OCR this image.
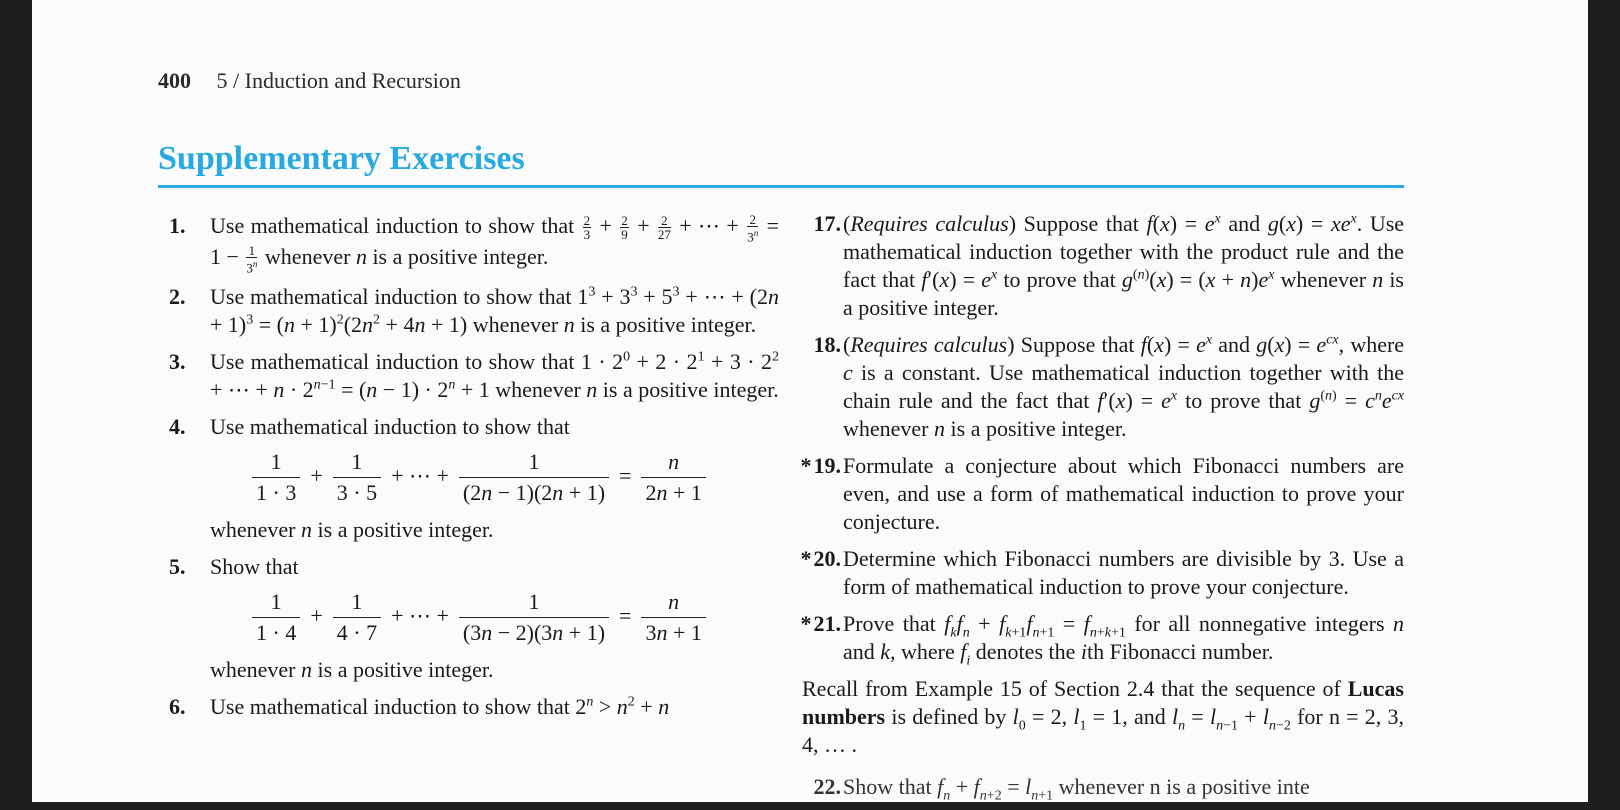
400 5 / Induction and Recursion
Supplementary Exercises
1. Use mathematical induction to show that $\frac{2}{3} + \frac{2}{9} + \frac{2}{27}$ + ⋯ + $\frac{2}{3^n} = 1 - \frac{1}{3^n}$ whenever n is a positive integer.
2. Use mathematical induction to show that $1^3 + 3^3 + 5^3$ + ⋯ + $(2n + 1)^3 = (n + 1)^2(2n^2 + 4n + 1)$ whenever n is a positive integer.
3. Use mathematical induction to show that $1 \cdot 2^0 + 2 \cdot 2^1 + 3 \cdot 2^2$ + ⋯ + $n \cdot 2^{n-1} = (n - 1) \cdot 2^n + 1$ whenever n is a positive integer.
4. Use mathematical induction to show that
$\frac{1}{1 \cdot 3} + \frac{1}{3 \cdot 5}$ + ⋯ + $\frac{1}{(2n - 1)(2n + 1)} = \frac{n}{2n + 1}$
whenever n is a positive integer.
5. Show that
$\frac{1}{1 \cdot 4} + \frac{1}{4 \cdot 7}$ + ⋯ + $\frac{1}{(3n - 2)(3n + 1)} = \frac{n}{3n + 1}$
whenever n is a positive integer.
6. Use mathematical induction to show that $2^n > n^2 + n$
17. (Requires calculus) Suppose that $f(x) = e^x$ and $g(x) = xe^x$. Use mathematical induction together with the product rule and the fact that $f'(x) = e^x$ to prove that $g^{(n)}(x) = (x + n)e^x$ whenever n is a positive integer.
18. (Requires calculus) Suppose that $f(x) = e^x$ and $g(x) = e^{cx}$, where c is a constant. Use mathematical induction together with the chain rule and the fact that $f'(x) = e^x$ to prove that $g^{(n)} = c^ne^{cx}$ whenever n is a positive integer.
*19. Formulate a conjecture about which Fibonacci numbers are even, and use a form of mathematical induction to prove your conjecture.
*20. Determine which Fibonacci numbers are divisible by 3. Use a form of mathematical induction to prove your conjecture.
*21. Prove that $f_kf_n + f_{k+1}f_{n+1} = f_{n+k+1}$ for all nonnegative integers n and k, where $f_i$ denotes the ith Fibonacci number.
Recall from Example 15 of Section 2.4 that the sequence of Lucas numbers is defined by $l_0 = 2$, $l_1 = 1$, and $l_n = l_{n-1} + l_{n-2}$ for n = 2, 3, 4, … .
22. Show that $f_n + f_{n+2} = l_{n+1}$ whenever n is a positive inte
